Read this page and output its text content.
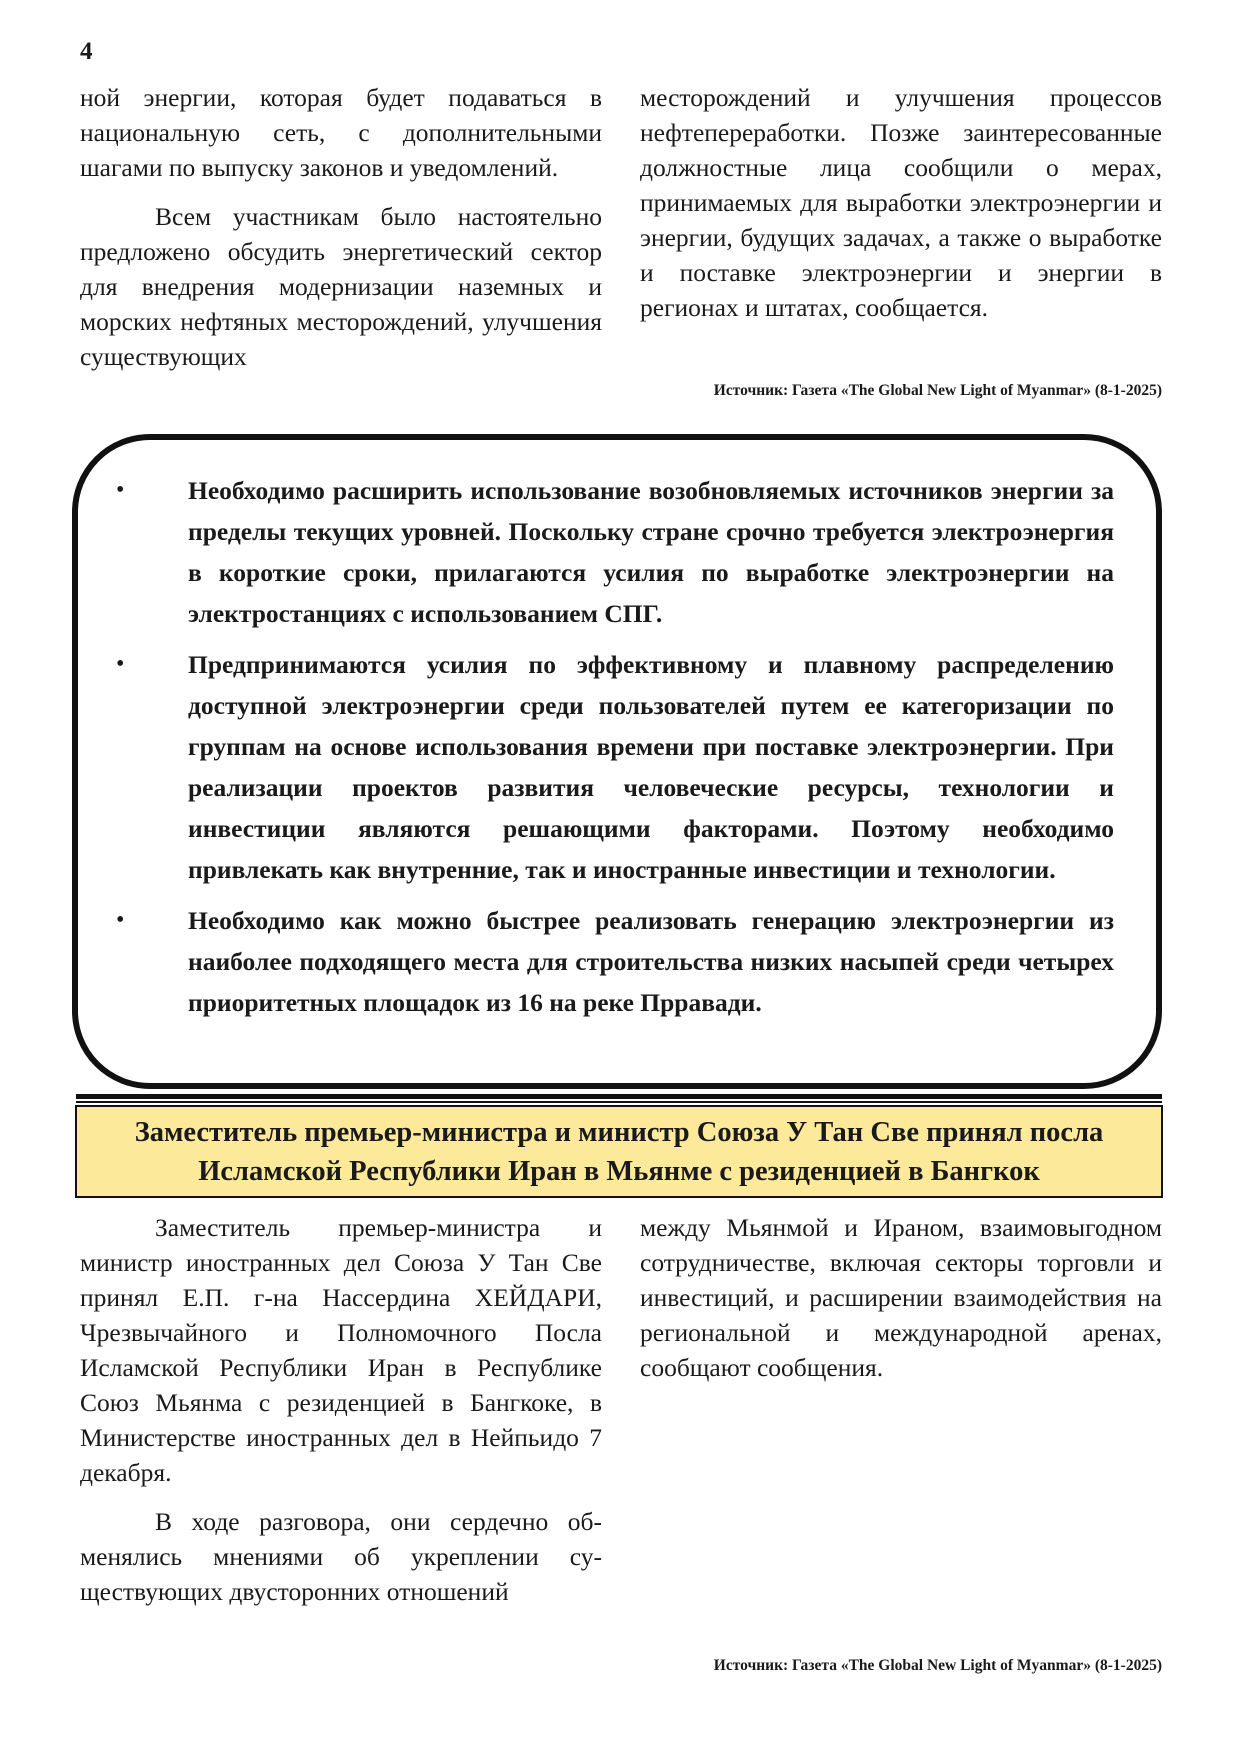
4

ной энергии, которая будет подаваться в национальную сеть, с дополнительными шагами по выпуску законов и уведомлений.

Всем участникам было настоятельно предложено обсудить энергетический сектор для внедрения модернизации наземных и морских нефтяных месторождений, улучшения существующих

месторождений и улучшения процессов нефтепереработки. Позже заинтересованные должностные лица сообщили о мерах, принимаемых для выработки электроэнергии и энергии, будущих задачах, а также о выработке и поставке электроэнергии и энергии в регионах и штатах, сообщается.

Источник: Газета «The Global New Light of Myanmar» (8-1-2025)
• Необходимо расширить использование возобновляемых источников энергии за пределы текущих уровней. Поскольку стране срочно требуется электроэнергия в короткие сроки, прилагаются усилия по выработке электроэнергии на электростанциях с использованием СПГ.
• Предпринимаются усилия по эффективному и плавному распределению доступной электроэнергии среди пользователей путем ее категоризации по группам на основе использования времени при поставке электроэнергии. При реализации проектов развития человеческие ресурсы, технологии и инвестиции являются решающими факторами. Поэтому необходимо привлекать как внутренние, так и иностранные инвестиции и технологии.
• Необходимо как можно быстрее реализовать генерацию электроэнергии из наиболее подходящего места для строительства низких насыпей среди четырех приоритетных площадок из 16 на реке Прравади.
Заместитель премьер-министра и министр Союза У Тан Све принял посла
Исламской Республики Иран в Мьянме с резиденцией в Бангкок

Заместитель премьер-министра и министр иностранных дел Союза У Тан Све принял Е.П. г-на Нассердина ХЕЙДАРИ, Чрезвычайного и Полномочного Посла Исламской Республики Иран в Республике Союз Мьянма с резиденцией в Бангкоке, в Министерстве иностранных дел в Нейпьидо 7 декабря.

В ходе разговора, они сердечно обменялись мнениями об укреплении существующих двусторонних отношений

между Мьянмой и Ираном, взаимовыгодном сотрудничестве, включая секторы торговли и инвестиций, и расширении взаимодействия на региональной и международной аренах, сообщают сообщения.

Источник: Газета «The Global New Light of Myanmar» (8-1-2025)
